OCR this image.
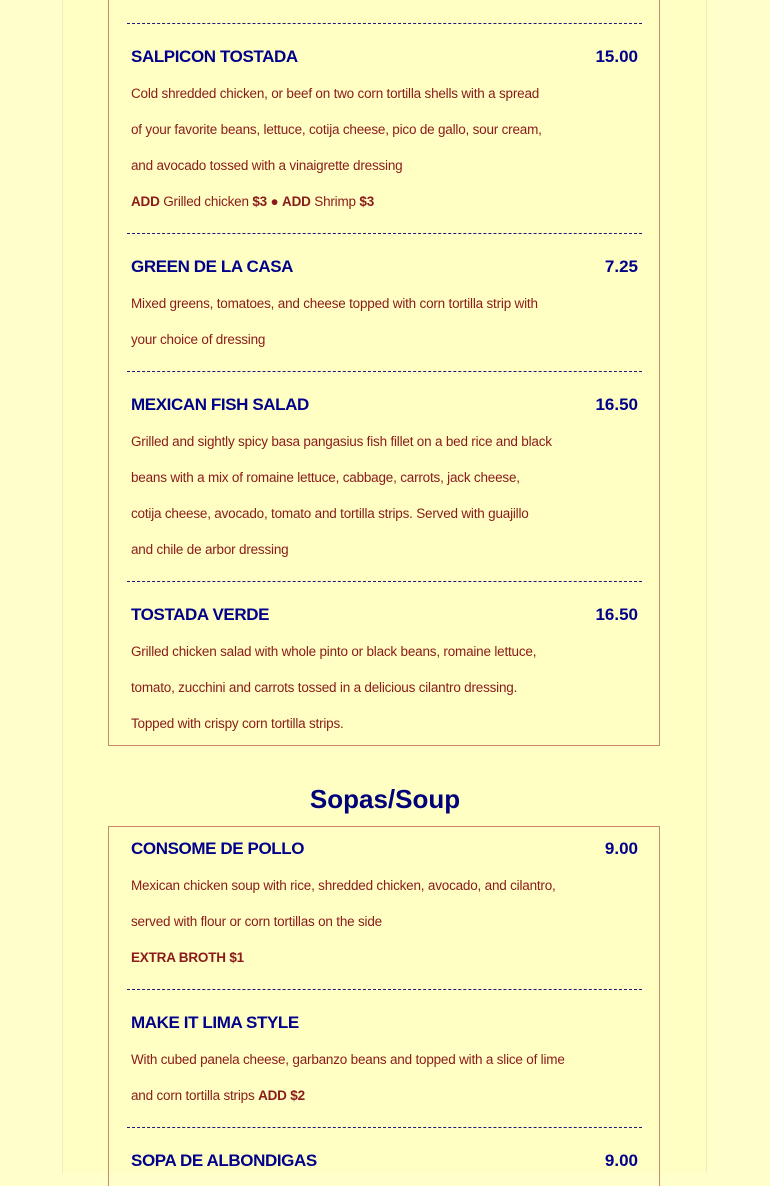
SALPICON TOSTADA	15.00
Cold shredded chicken, or beef on two corn tortilla shells with a spread
of your favorite beans, lettuce, cotija cheese, pico de gallo, sour cream,
and avocado tossed with a vinaigrette dressing
ADD Grilled chicken $3 ● ADD Shrimp $3
GREEN DE LA CASA	7.25
Mixed greens, tomatoes, and cheese topped with corn tortilla strip with
your choice of dressing
MEXICAN FISH SALAD	16.50
Grilled and sightly spicy basa pangasius fish fillet on a bed rice and black
beans with a mix of romaine lettuce, cabbage, carrots, jack cheese,
cotija cheese, avocado, tomato and tortilla strips. Served with guajillo
and chile de arbor dressing
TOSTADA VERDE	16.50
Grilled chicken salad with whole pinto or black beans, romaine lettuce,
tomato, zucchini and carrots tossed in a delicious cilantro dressing.
Topped with crispy corn tortilla strips.
Sopas/Soup
CONSOME DE POLLO	9.00
Mexican chicken soup with rice, shredded chicken, avocado, and cilantro,
served with flour or corn tortillas on the side
EXTRA BROTH $1
MAKE IT LIMA STYLE
With cubed panela cheese, garbanzo beans and topped with a slice of lime
and corn tortilla strips ADD $2
SOPA DE ALBONDIGAS	9.00
